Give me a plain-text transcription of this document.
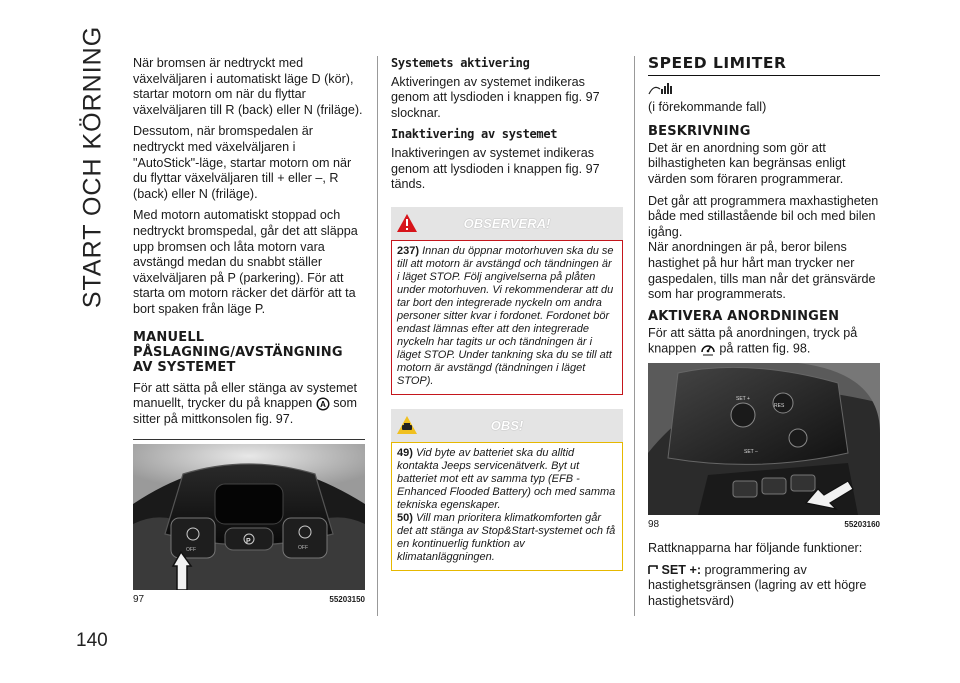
START OCH KÖRNING
140

När bromsen är nedtryckt med växelväljaren i automatiskt läge D (kör), startar motorn om när du flyttar växelväljaren till R (back) eller N (friläge).

Dessutom, när bromspedalen är nedtryckt med växelväljaren i "AutoStick"-läge, startar motorn om när du flyttar växelväljaren till + eller –, R (back) eller N (friläge).

Med motorn automatiskt stoppad och nedtryckt bromspedal, går det att släppa upp bromsen och låta motorn vara avstängd medan du snabbt ställer växelväljaren på P (parkering). För att starta om motorn räcker det därför att ta bort spaken från läge P.

MANUELL PÅSLAGNING/AVSTÄNGNING AV SYSTEMET

För att sätta på eller stänga av systemet manuellt, trycker du på knappen A som sitter på mittkonsolen fig. 97.

OFF	OFF
P
97	55203150
Systemets aktivering

Aktiveringen av systemet indikeras genom att lysdioden i knappen fig. 97 slocknar.

Inaktivering av systemet

Inaktiveringen av systemet indikeras genom att lysdioden i knappen fig. 97 tänds.

OBSERVERA!
237) Innan du öppnar motorhuven ska du se till att motorn är avstängd och tändningen är i läget STOP. Följ angivelserna på plåten under motorhuven. Vi rekommenderar att du tar bort den integrerade nyckeln om andra personer sitter kvar i fordonet. Fordonet bör endast lämnas efter att den integrerade nyckeln har tagits ur och tändningen är i läget STOP. Under tankning ska du se till att motorn är avstängd (tändningen i läget STOP).
OBS!
49) Vid byte av batteriet ska du alltid kontakta Jeeps servicenätverk. Byt ut batteriet mot ett av samma typ (EFB - Enhanced Flooded Battery) och med samma tekniska egenskaper.
50) Vill man prioritera klimatkomforten går det att stänga av Stop&Start-systemet och få en kontinuerlig funktion av klimatanläggningen.
SPEED LIMITER

(i förekommande fall)

BESKRIVNING

Det är en anordning som gör att bilhastigheten kan begränsas enligt värden som föraren programmerar.

Det går att programmera maxhastigheten både med stillastående bil och med bilen igång.

När anordningen är på, beror bilens hastighet på hur hårt man trycker ner gaspedalen, tills man når det gränsvärde som har programmerats.

AKTIVERA ANORDNINGEN

För att sätta på anordningen, tryck på
knappen på ratten fig. 98.

SET +
RES
SET –
98	55203160

Rattknapparna har följande funktioner:

SET +: programmering av hastighetsgränsen (lagring av ett högre hastighetsvärd)
